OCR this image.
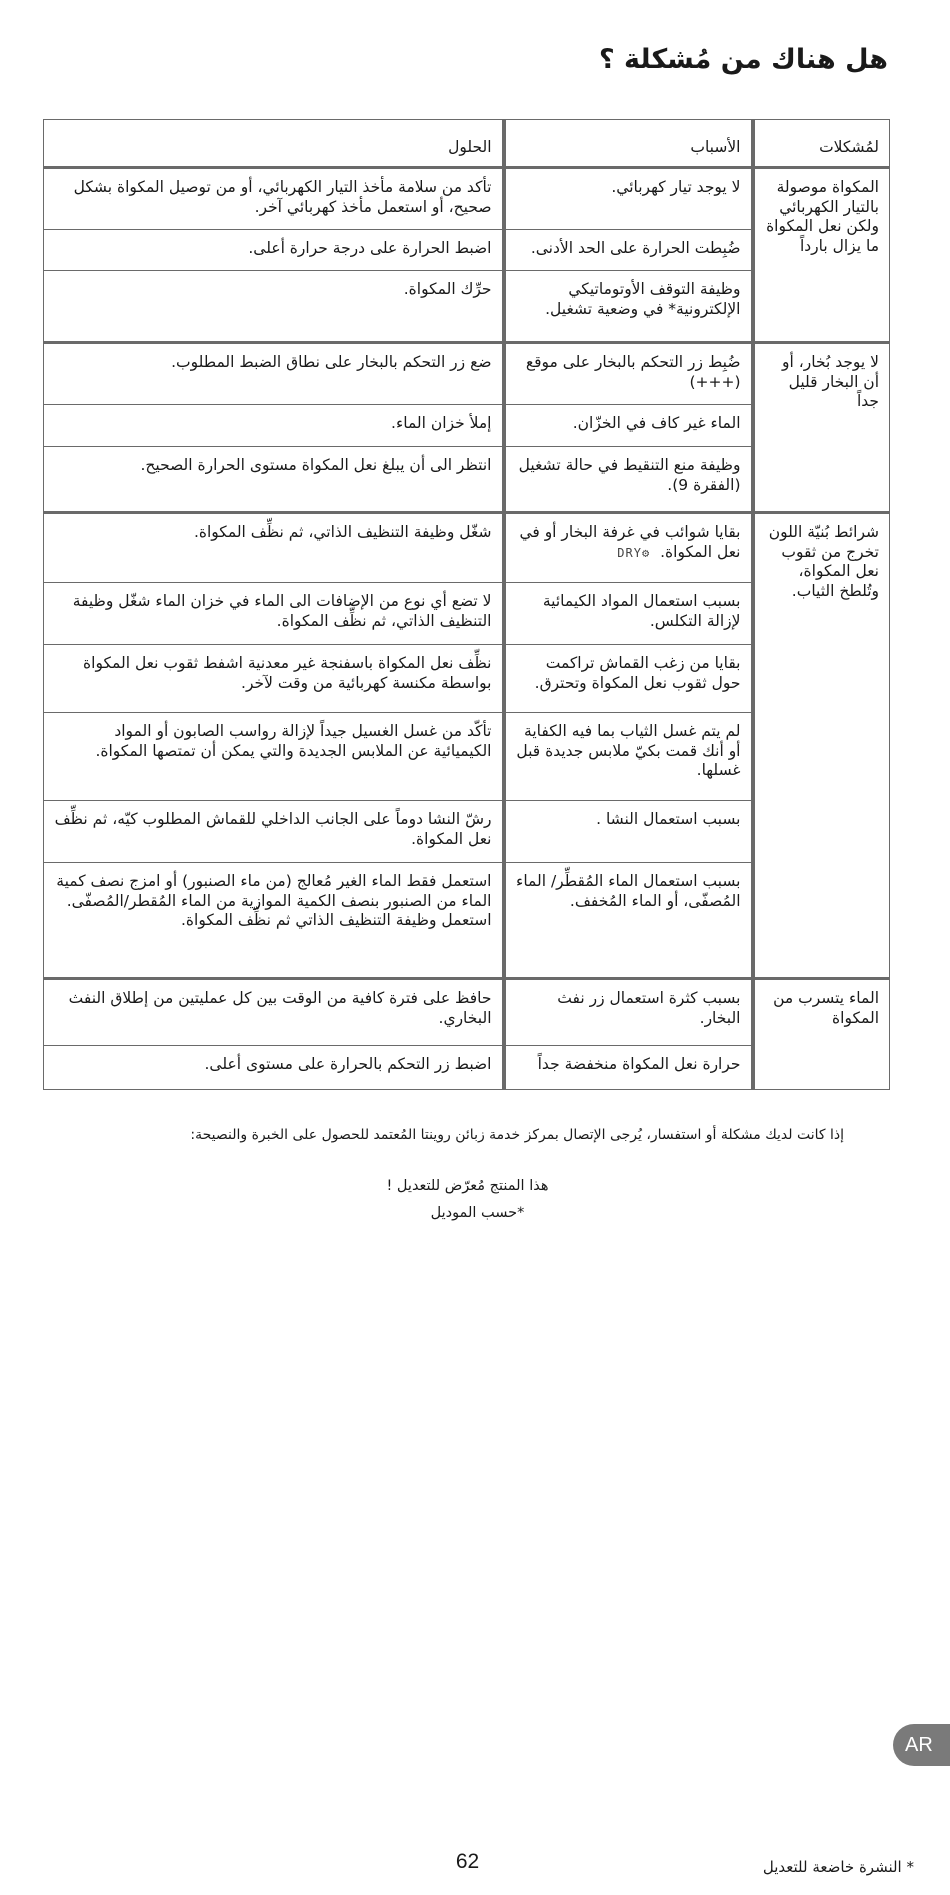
هل هناك من مُشكلة ؟
لمُشكلات	الأسباب	الحلول
المكواة موصولة بالتيار الكهربائي ولكن نعل المكواة ما يزال بارداً	لا يوجد تيار كهربائي.	تأكد من سلامة مأخذ التيار الكهربائي، أو من توصيل المكواة بشكل صحيح، أو استعمل مأخذ كهربائي آخر.
	ضُبِطت الحرارة على الحد الأدنى.	اضبط الحرارة على درجة حرارة أعلى.
	وظيفة التوقف الأوتوماتيكي الإلكترونية* في وضعية تشغيل.	حرِّك المكواة.
لا يوجد بُخار، أو أن البخار قليل جداً	ضُبِط زر التحكم بالبخار على موقع (+++)	ضع زر التحكم بالبخار على نطاق الضبط المطلوب.
	الماء غير كاف في الخزّان.	إملأ خزان الماء.
	وظيفة منع التنقيط في حالة تشغيل (الفقرة 9).	انتظر الى أن يبلغ نعل المكواة مستوى الحرارة الصحيح.
شرائط بُنيّة اللون تخرج من ثقوب نعل المكواة، وتُلطخ الثياب.	بقايا شوائب في غرفة البخار أو في نعل المكواة. ⚙DRY	شغّل وظيفة التنظيف الذاتي، ثم نظِّف المكواة.
	بسبب استعمال المواد الكيمائية لإزالة التكلس.	لا تضع أي نوع من الإضافات الى الماء في خزان الماء شغّل وظيفة التنظيف الذاتي، ثم نظِّف المكواة.
	بقايا من زغب القماش تراكمت حول ثقوب نعل المكواة وتحترق.	نظِّف نعل المكواة باسفنجة غير معدنية اشفط ثقوب نعل المكواة بواسطة مكنسة كهربائية من وقت لآخر.
	لم يتم غسل الثياب بما فيه الكفاية أو أنك قمت بكيّ ملابس جديدة قبل غسلها.	تأكّد من غسل الغسيل جيداً لإزالة رواسب الصابون أو المواد الكيميائية عن الملابس الجديدة والتي يمكن أن تمتصها المكواة.
	بسبب استعمال النشا .	رشّ النشا دوماً على الجانب الداخلي للقماش المطلوب كيّه، ثم نظِّف نعل المكواة.
	بسبب استعمال الماء المُقطِّر/ الماء المُصفّى، أو الماء المُخفف.	استعمل فقط الماء الغير مُعالج (من ماء الصنبور) أو امزج نصف كمية الماء من الصنبور بنصف الكمية الموازية من الماء المُقطر/المُصفّى. استعمل وظيفة التنظيف الذاتي ثم نظِّف المكواة.
الماء يتسرب من المكواة	بسبب كثرة استعمال زر نفث البخار.	حافظ على فترة كافية من الوقت بين كل عمليتين من إطلاق النفث البخاري.
	حرارة نعل المكواة منخفضة جداً	اضبط زر التحكم بالحرارة على مستوى أعلى.

إذا كانت لديك مشكلة أو استفسار، يُرجى الإتصال بمركز خدمة زبائن روينتا المُعتمد للحصول على الخبرة والنصيحة:

هذا المنتج مُعرّض للتعديل !

*حسب الموديل

AR

62	* النشرة خاضعة للتعديل
